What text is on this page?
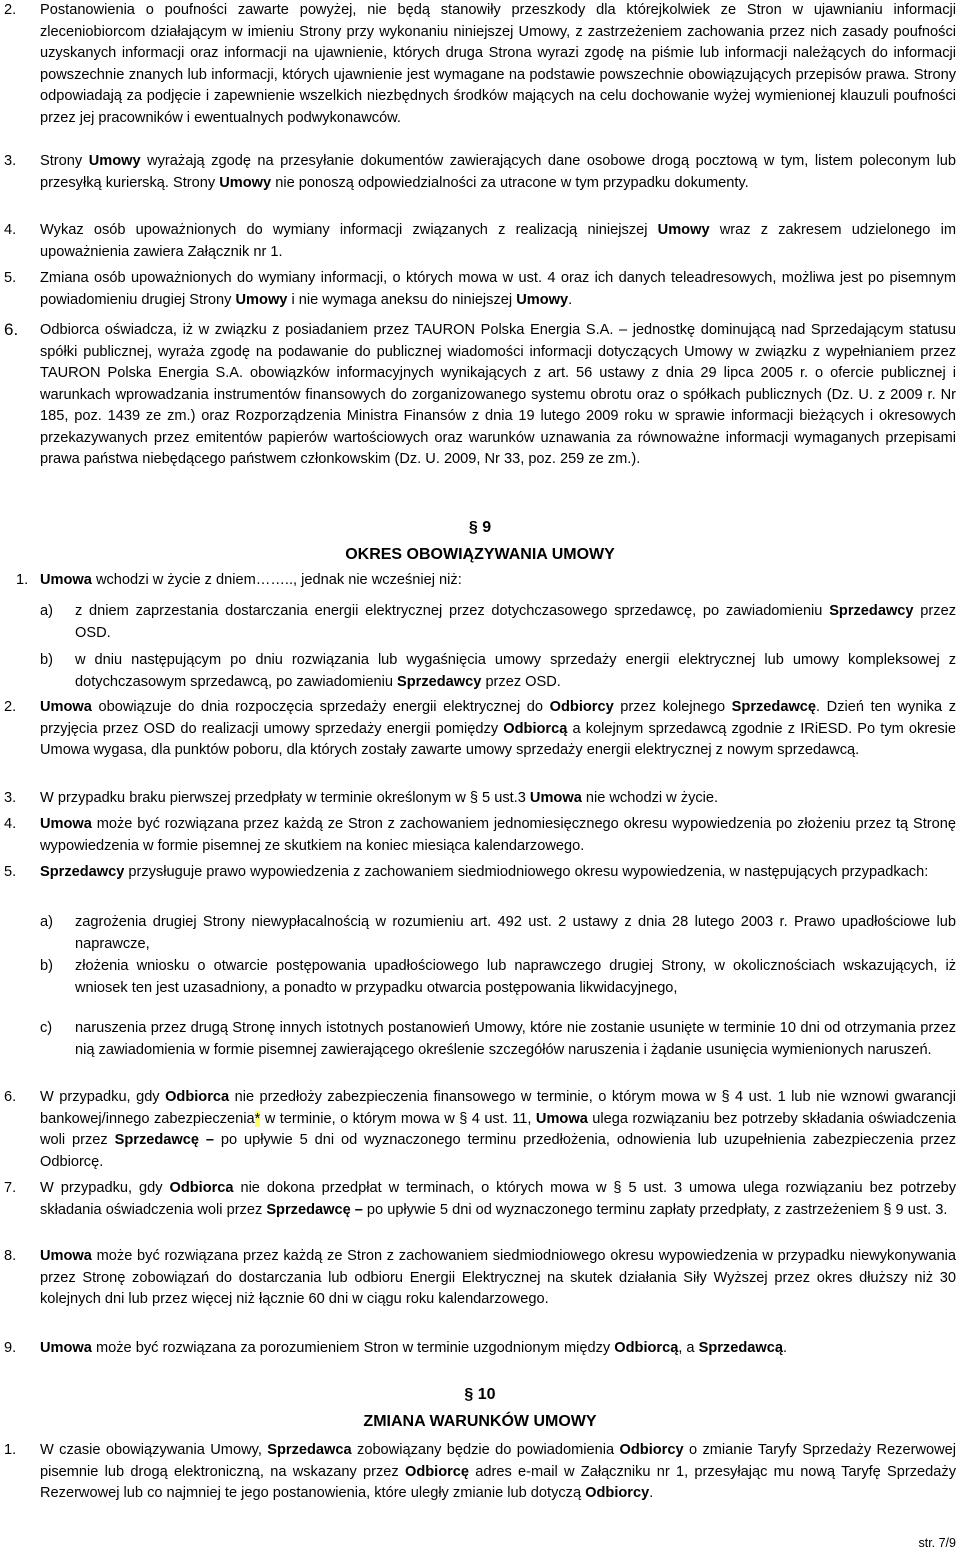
2. Postanowienia o poufności zawarte powyżej, nie będą stanowiły przeszkody dla którejkolwiek ze Stron w ujawnianiu informacji zleceniobiorcom działającym w imieniu Strony przy wykonaniu niniejszej Umowy, z zastrzeżeniem zachowania przez nich zasady poufności uzyskanych informacji oraz informacji na ujawnienie, których druga Strona wyrazi zgodę na piśmie lub informacji należących do informacji powszechnie znanych lub informacji, których ujawnienie jest wymagane na podstawie powszechnie obowiązujących przepisów prawa. Strony odpowiadają za podjęcie i zapewnienie wszelkich niezbędnych środków mających na celu dochowanie wyżej wymienionej klauzuli poufności przez jej pracowników i ewentualnych podwykonawców.
3. Strony Umowy wyrażają zgodę na przesyłanie dokumentów zawierających dane osobowe drogą pocztową w tym, listem poleconym lub przesyłką kurierską. Strony Umowy nie ponoszą odpowiedzialności za utracone w tym przypadku dokumenty.
4. Wykaz osób upoważnionych do wymiany informacji związanych z realizacją niniejszej Umowy wraz z zakresem udzielonego im upoważnienia zawiera Załącznik nr 1.
5. Zmiana osób upoważnionych do wymiany informacji, o których mowa w ust. 4 oraz ich danych teleadresowych, możliwa jest po pisemnym powiadomieniu drugiej Strony Umowy i nie wymaga aneksu do niniejszej Umowy.
6. Odbiorca oświadcza, iż w związku z posiadaniem przez TAURON Polska Energia S.A. – jednostkę dominującą nad Sprzedającym statusu spółki publicznej, wyraża zgodę na podawanie do publicznej wiadomości informacji dotyczących Umowy w związku z wypełnianiem przez TAURON Polska Energia S.A. obowiązków informacyjnych wynikających z art. 56 ustawy z dnia 29 lipca 2005 r. o ofercie publicznej i warunkach wprowadzania instrumentów finansowych do zorganizowanego systemu obrotu oraz o spółkach publicznych (Dz. U. z 2009 r. Nr 185, poz. 1439 ze zm.) oraz Rozporządzenia Ministra Finansów z dnia 19 lutego 2009 roku w sprawie informacji bieżących i okresowych przekazywanych przez emitentów papierów wartościowych oraz warunków uznawania za równoważne informacji wymaganych przepisami prawa państwa niebędącego państwem członkowskim (Dz. U. 2009, Nr 33, poz. 259 ze zm.).
§ 9
OKRES OBOWIĄZYWANIA UMOWY
1. Umowa wchodzi w życie z dniem…….., jednak nie wcześniej niż:
a) z dniem zaprzestania dostarczania energii elektrycznej przez dotychczasowego sprzedawcę, po zawiadomieniu Sprzedawcy przez OSD.
b) w dniu następującym po dniu rozwiązania lub wygaśnięcia umowy sprzedaży energii elektrycznej lub umowy kompleksowej z dotychczasowym sprzedawcą, po zawiadomieniu Sprzedawcy przez OSD.
2. Umowa obowiązuje do dnia rozpoczęcia sprzedaży energii elektrycznej do Odbiorcy przez kolejnego Sprzedawcę. Dzień ten wynika z przyjęcia przez OSD do realizacji umowy sprzedaży energii pomiędzy Odbiorcą a kolejnym sprzedawcą zgodnie z IRiESD. Po tym okresie Umowa wygasa, dla punktów poboru, dla których zostały zawarte umowy sprzedaży energii elektrycznej z nowym sprzedawcą.
3. W przypadku braku pierwszej przedpłaty w terminie określonym w § 5 ust.3 Umowa nie wchodzi w życie.
4. Umowa może być rozwiązana przez każdą ze Stron z zachowaniem jednomiesięcznego okresu wypowiedzenia po złożeniu przez tą Stronę wypowiedzenia w formie pisemnej ze skutkiem na koniec miesiąca kalendarzowego.
5. Sprzedawcy przysługuje prawo wypowiedzenia z zachowaniem siedmiodniowego okresu wypowiedzenia, w następujących przypadkach:
a) zagrożenia drugiej Strony niewypłacalnością w rozumieniu art. 492 ust. 2 ustawy z dnia 28 lutego 2003 r. Prawo upadłościowe lub naprawcze,
b) złożenia wniosku o otwarcie postępowania upadłościowego lub naprawczego drugiej Strony, w okolicznościach wskazujących, iż wniosek ten jest uzasadniony, a ponadto w przypadku otwarcia postępowania likwidacyjnego,
c) naruszenia przez drugą Stronę innych istotnych postanowień Umowy, które nie zostanie usunięte w terminie 10 dni od otrzymania przez nią zawiadomienia w formie pisemnej zawierającego określenie szczegółów naruszenia i żądanie usunięcia wymienionych naruszeń.
6. W przypadku, gdy Odbiorca nie przedłoży zabezpieczenia finansowego w terminie, o którym mowa w § 4 ust. 1 lub nie wznowi gwarancji bankowej/innego zabezpieczenia* w terminie, o którym mowa w § 4 ust. 11, Umowa ulega rozwiązaniu bez potrzeby składania oświadczenia woli przez Sprzedawcę – po upływie 5 dni od wyznaczonego terminu przedłożenia, odnowienia lub uzupełnienia zabezpieczenia przez Odbiorcę.
7. W przypadku, gdy Odbiorca nie dokona przedpłat w terminach, o których mowa w § 5 ust. 3 umowa ulega rozwiązaniu bez potrzeby składania oświadczenia woli przez Sprzedawcę – po upływie 5 dni od wyznaczonego terminu zapłaty przedpłaty, z zastrzeżeniem § 9 ust. 3.
8. Umowa może być rozwiązana przez każdą ze Stron z zachowaniem siedmiodniowego okresu wypowiedzenia w przypadku niewykonywania przez Stronę zobowiązań do dostarczania lub odbioru Energii Elektrycznej na skutek działania Siły Wyższej przez okres dłuższy niż 30 kolejnych dni lub przez więcej niż łącznie 60 dni w ciągu roku kalendarzowego.
9. Umowa może być rozwiązana za porozumieniem Stron w terminie uzgodnionym między Odbiorcą, a Sprzedawcą.
§ 10
ZMIANA WARUNKÓW UMOWY
1. W czasie obowiązywania Umowy, Sprzedawca zobowiązany będzie do powiadomienia Odbiorcy o zmianie Taryfy Sprzedaży Rezerwowej pisemnie lub drogą elektroniczną, na wskazany przez Odbiorcę adres e-mail w Załączniku nr 1, przesyłając mu nową Taryfę Sprzedaży Rezerwowej lub co najmniej te jego postanowienia, które uległy zmianie lub dotyczą Odbiorcy.
str. 7/9
